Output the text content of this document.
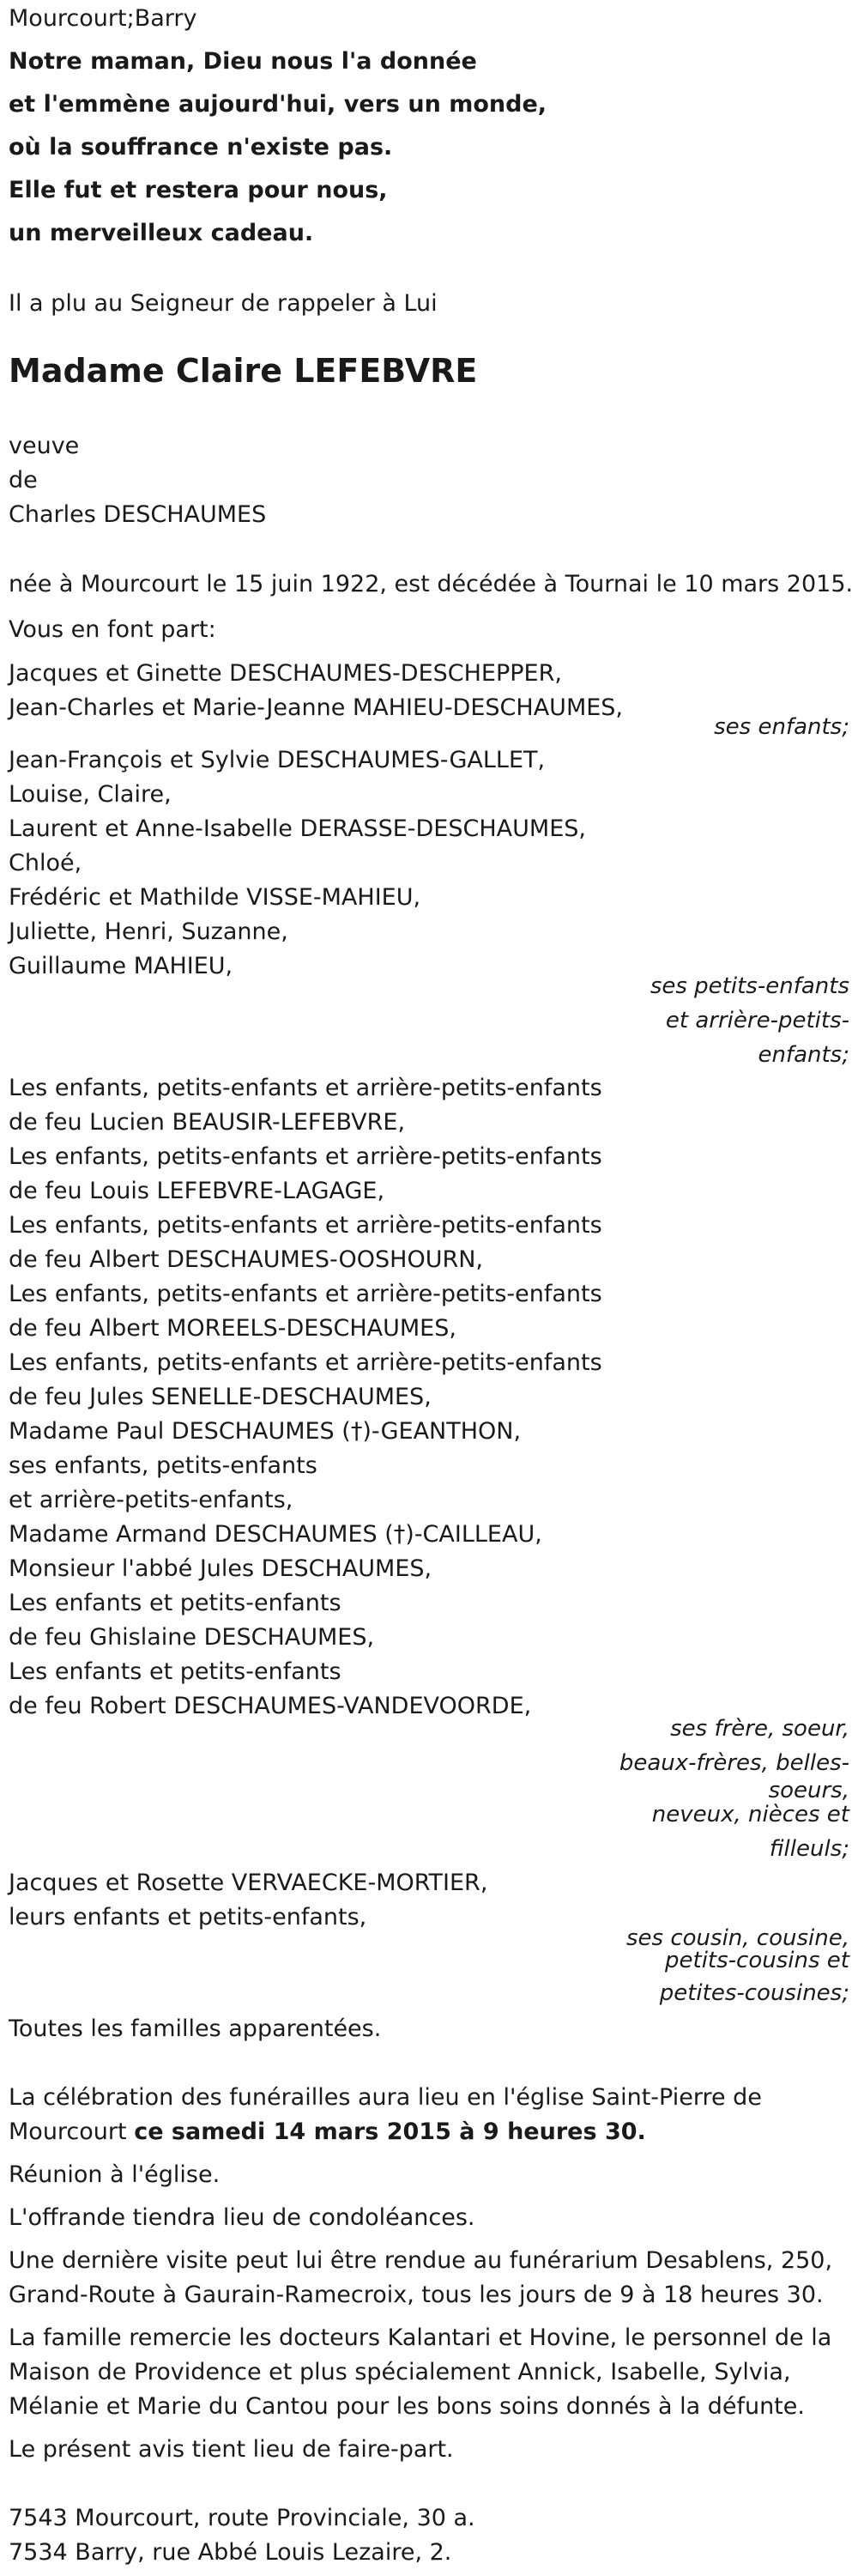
Mourcourt;Barry
Notre maman, Dieu nous l'a donnée
et l'emmène aujourd'hui, vers un monde,
où la souffrance n'existe pas.
Elle fut et restera pour nous,
un merveilleux cadeau.
Il a plu au Seigneur de rappeler à Lui
Madame Claire LEFEBVRE
veuve
de
Charles DESCHAUMES
née à Mourcourt le 15 juin 1922, est décédée à Tournai le 10 mars 2015.
Vous en font part:
Jacques et Ginette DESCHAUMES-DESCHEPPER,
Jean-Charles et Marie-Jeanne MAHIEU-DESCHAUMES,
ses enfants;
Jean-François et Sylvie DESCHAUMES-GALLET,
Louise, Claire,
Laurent et Anne-Isabelle DERASSE-DESCHAUMES,
Chloé,
Frédéric et Mathilde VISSE-MAHIEU,
Juliette, Henri, Suzanne,
Guillaume MAHIEU,
ses petits-enfants
et arrière-petits-
enfants;
Les enfants, petits-enfants et arrière-petits-enfants
de feu Lucien BEAUSIR-LEFEBVRE,
Les enfants, petits-enfants et arrière-petits-enfants
de feu Louis LEFEBVRE-LAGAGE,
Les enfants, petits-enfants et arrière-petits-enfants
de feu Albert DESCHAUMES-OOSHOURN,
Les enfants, petits-enfants et arrière-petits-enfants
de feu Albert MOREELS-DESCHAUMES,
Les enfants, petits-enfants et arrière-petits-enfants
de feu Jules SENELLE-DESCHAUMES,
Madame Paul DESCHAUMES (†)-GEANTHON,
ses enfants, petits-enfants
et arrière-petits-enfants,
Madame Armand DESCHAUMES (†)-CAILLEAU,
Monsieur l'abbé Jules DESCHAUMES,
Les enfants et petits-enfants
de feu Ghislaine DESCHAUMES,
Les enfants et petits-enfants
de feu Robert DESCHAUMES-VANDEVOORDE,
ses frère, soeur,
beaux-frères, belles-
soeurs,
neveux, nièces et
filleuls;
Jacques et Rosette VERVAECKE-MORTIER,
leurs enfants et petits-enfants,
ses cousin, cousine,
petits-cousins et
petites-cousines;
Toutes les familles apparentées.
La célébration des funérailles aura lieu en l'église Saint-Pierre de
Mourcourt ce samedi 14 mars 2015 à 9 heures 30.
Réunion à l'église.
L'offrande tiendra lieu de condoléances.
Une dernière visite peut lui être rendue au funérarium Desablens, 250,
Grand-Route à Gaurain-Ramecroix, tous les jours de 9 à 18 heures 30.
La famille remercie les docteurs Kalantari et Hovine, le personnel de la
Maison de Providence et plus spécialement Annick, Isabelle, Sylvia,
Mélanie et Marie du Cantou pour les bons soins donnés à la défunte.
Le présent avis tient lieu de faire-part.
7543 Mourcourt, route Provinciale, 30 a.
7534 Barry, rue Abbé Louis Lezaire, 2.
